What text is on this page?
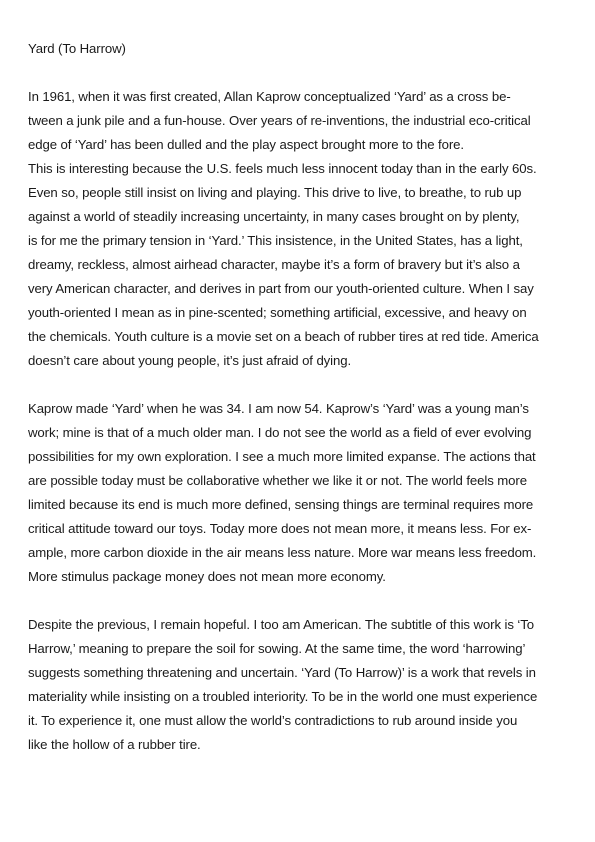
Yard (To Harrow)
In 1961, when it was first created, Allan Kaprow conceptualized ‘Yard’ as a cross be-
tween a junk pile and a fun-house. Over years of re-inventions, the industrial eco-critical
edge of ‘Yard’ has been dulled and the play aspect brought more to the fore.
This is interesting because the U.S. feels much less innocent today than in the early 60s.
Even so, people still insist on living and playing. This drive to live, to breathe, to rub up
against a world of steadily increasing uncertainty, in many cases brought on by plenty,
is for me the primary tension in ‘Yard.’ This insistence, in the United States, has a light,
dreamy, reckless, almost airhead character, maybe it’s a form of bravery but it’s also a
very American character, and derives in part from our youth-oriented culture. When I say
youth-oriented I mean as in pine-scented; something artificial, excessive, and heavy on
the chemicals. Youth culture is a movie set on a beach of rubber tires at red tide. America
doesn’t care about young people, it’s just afraid of dying.
Kaprow made ‘Yard’ when he was 34. I am now 54. Kaprow’s ‘Yard’ was a young man’s
work; mine is that of a much older man. I do not see the world as a field of ever evolving
possibilities for my own exploration. I see a much more limited expanse. The actions that
are possible today must be collaborative whether we like it or not. The world feels more
limited because its end is much more defined, sensing things are terminal requires more
critical attitude toward our toys. Today more does not mean more, it means less. For ex-
ample, more carbon dioxide in the air means less nature. More war means less freedom.
More stimulus package money does not mean more economy.
Despite the previous, I remain hopeful. I too am American. The subtitle of this work is ‘To
Harrow,’ meaning to prepare the soil for sowing. At the same time, the word ‘harrowing’
suggests something threatening and uncertain. ‘Yard (To Harrow)’ is a work that revels in
materiality while insisting on a troubled interiority. To be in the world one must experience
it. To experience it, one must allow the world’s contradictions to rub around inside you
like the hollow of a rubber tire.
